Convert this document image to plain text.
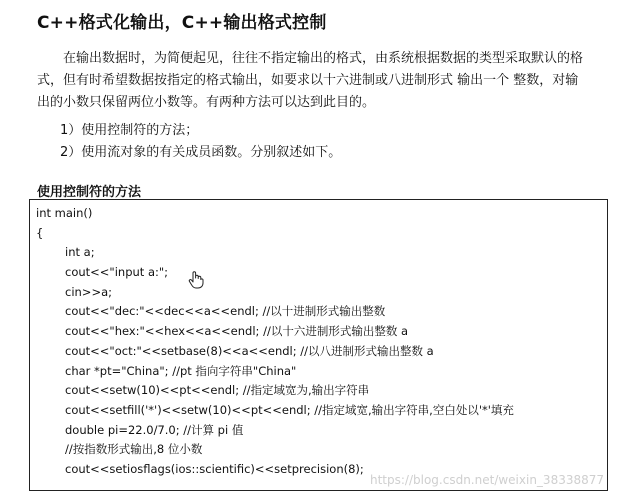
C++格式化输出，C++输出格式控制
在输出数据时，为简便起见，往往不指定输出的格式，由系统根据数据的类型采取默认的格式，但有时希望数据按指定的格式输出，如要求以十六进制或八进制形式 输出一个 整数，对输出的小数只保留两位小数等。有两种方法可以达到此目的。
1）使用控制符的方法；
2）使用流对象的有关成员函数。分别叙述如下。
使用控制符的方法
int main()
{
int a;
cout<<"input a:";
cin>>a;
cout<<"dec:"<<dec<<a<<endl; //以十进制形式输出整数
cout<<"hex:"<<hex<<a<<endl; //以十六进制形式输出整数 a
cout<<"oct:"<<setbase(8)<<a<<endl; //以八进制形式输出整数 a
char *pt="China"; //pt 指向字符串"China"
cout<<setw(10)<<pt<<endl; //指定域宽为,输出字符串
cout<<setfill('*')<<setw(10)<<pt<<endl; //指定域宽,输出字符串,空白处以'*'填充
double pi=22.0/7.0; //计算 pi 值
//按指数形式输出,8 位小数
cout<<setiosflags(ios::scientific)<<setprecision(8);
https://blog.csdn.net/weixin_38338877
